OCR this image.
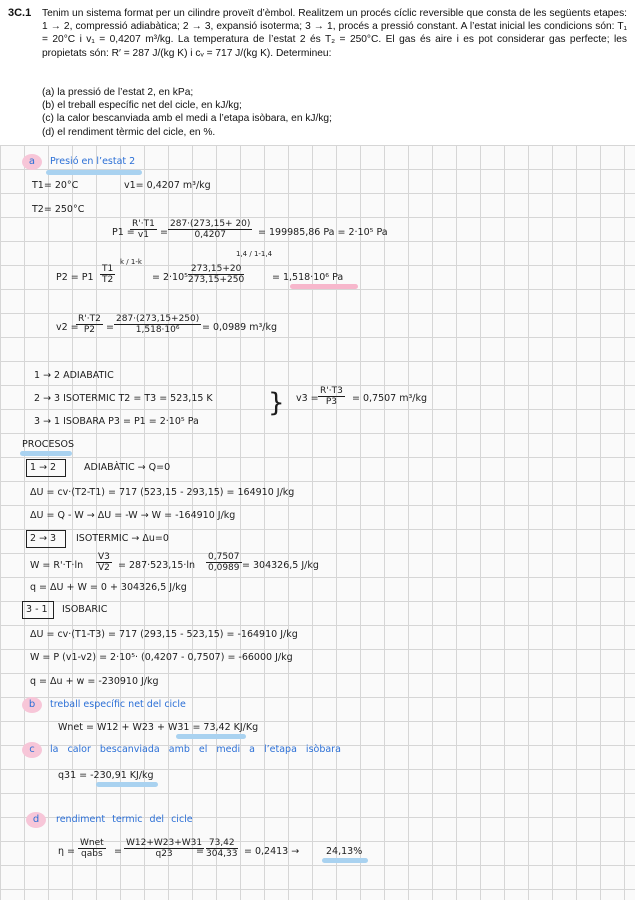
3C.1 Tenim un sistema format per un cilindre proveït d’èmbol. Realitzem un procés cíclic reversible que consta de les següents etapes: 1 → 2, compressió adiabàtica; 2 → 3, expansió isoterma; 3 → 1, procés a pressió constant. A l’estat inicial les condicions són: T₁ = 20°C i v₁ = 0,4207 m³/kg. La temperatura de l’estat 2 és T₂ = 250°C. El gas és aire i es pot considerar gas perfecte; les propietats són: R′ = 287 J/(kg K) i cᵥ = 717 J/(kg K). Determineu:
(a) la pressió de l’estat 2, en kPa;
(b) el treball específic net del cicle, en kJ/kg;
(c) la calor bescanviada amb el medi a l’etapa isòbara, en kJ/kg;
(d) el rendiment tèrmic del cicle, en %.
a	Presió en l’estat 2
T1= 20°C	v1= 0,4207 m³/kg
T2= 250°C
P1 =
$\frac{R'\cdot T1}{v1} = \frac{287\cdot(273,15+ 20)}{0,4207} = 199985,86$ Pa = 2·10⁵ Pa
$P2 = P1 \frac{T1}{T2}$
k / 1-k
= $2\cdot 10^5 \frac{273,15+20}{273,15+250}$
1,4 / 1-1,4
= 1,518·10⁶ Pa
v2 =
$\frac{R'\cdot T2}{P2} = \frac{287\cdot(273,15+250)}{\text{1,518·10⁶}} = 0,0989$ m³/kg
1 → 2 ADIABATIC
2 → 3 ISOTERMIC T2 = T3 = 523,15 K
3 → 1 ISOBARA P3 = P1 = 2·10⁵ Pa
} $v3 = \frac{R'\cdot T3}{P3} = 0,7507$ m³/kg
PROCESOS
1 → 2	ADIABÀTIC → Q=0
ΔU = cv·(T2-T1) = 717 (523,15 - 293,15) = 164910 J/kg
ΔU = Q - W → ΔU = -W → W = -164910 J/kg
2 → 3 ISOTERMIC → Δu=0
$W = R'\cdot T\cdot\ln \frac{V3}{V2} = 287\cdot 523,15\cdot\ln \frac{0,7507}{0,0989} = 304326,5$ J/kg
q = ΔU + W = 0 + 304326,5 J/kg
3 - 1 ISOBARIC
ΔU = cv·(T1-T3) = 717 (293,15 - 523,15) = -164910 J/kg
W = P (v1-v2) = 2·10⁵· (0,4207 - 0,7507) = -66000 J/kg
q = Δu + w = -230910 J/kg
b	treball específic net del cicle
Wnet = W12 + W23 + W31 = 73,42 KJ/Kg
c	la calor bescanviada amb el medi a l’etapa isòbara
q31 = -230,91 KJ/kg
d	rendiment termic del cicle
η =
Wnet
qabs	= $\frac{W12+W23+W31}{q23}$
= $\frac{73,42}{304,33} = 0,2413$ →	24,13%
